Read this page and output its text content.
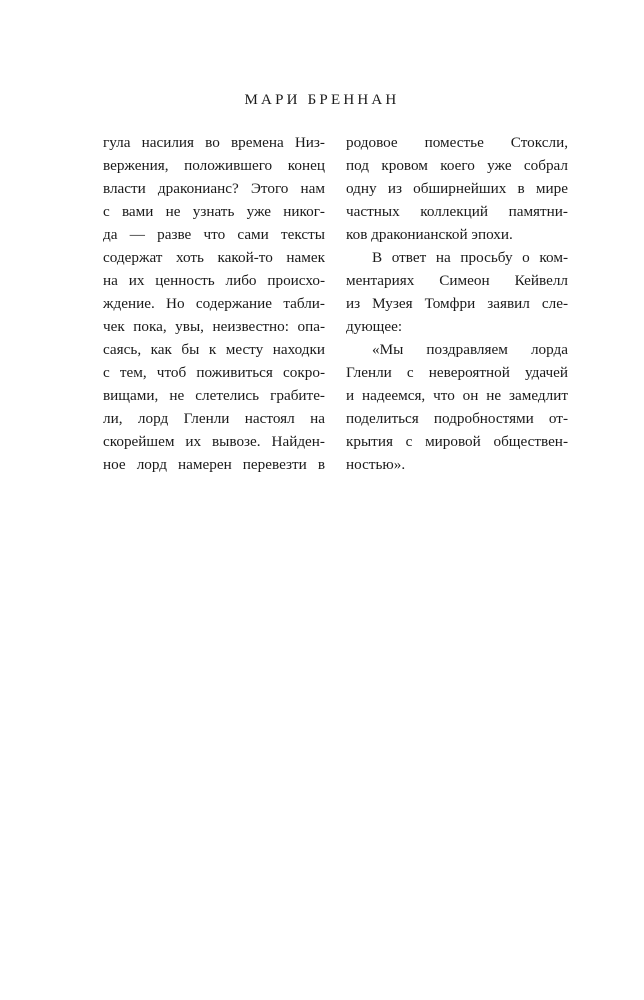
МАРИ БРЕННАН
гула насилия во времена Низ-
вержения, положившего конец
власти драконианс? Этого нам
с вами не узнать уже никог-
да — разве что сами тексты
содержат хоть какой-то намек
на их ценность либо происхо-
ждение. Но содержание табли-
чек пока, увы, неизвестно: опа-
саясь, как бы к месту находки
с тем, чтоб поживиться сокро-
вищами, не слетелись грабите-
ли, лорд Гленли настоял на
скорейшем их вывозе. Найден-
ное лорд намерен перевезти в
родовое поместье Стоксли,
под кровом коего уже собрал
одну из обширнейших в мире
частных коллекций памятни-
ков драконианской эпохи.
В ответ на просьбу о ком-
ментариях Симеон Кейвелл
из Музея Томфри заявил сле-
дующее:
«Мы поздравляем лорда
Гленли с невероятной удачей
и надеемся, что он не замедлит
поделиться подробностями от-
крытия с мировой обществен-
ностью».
